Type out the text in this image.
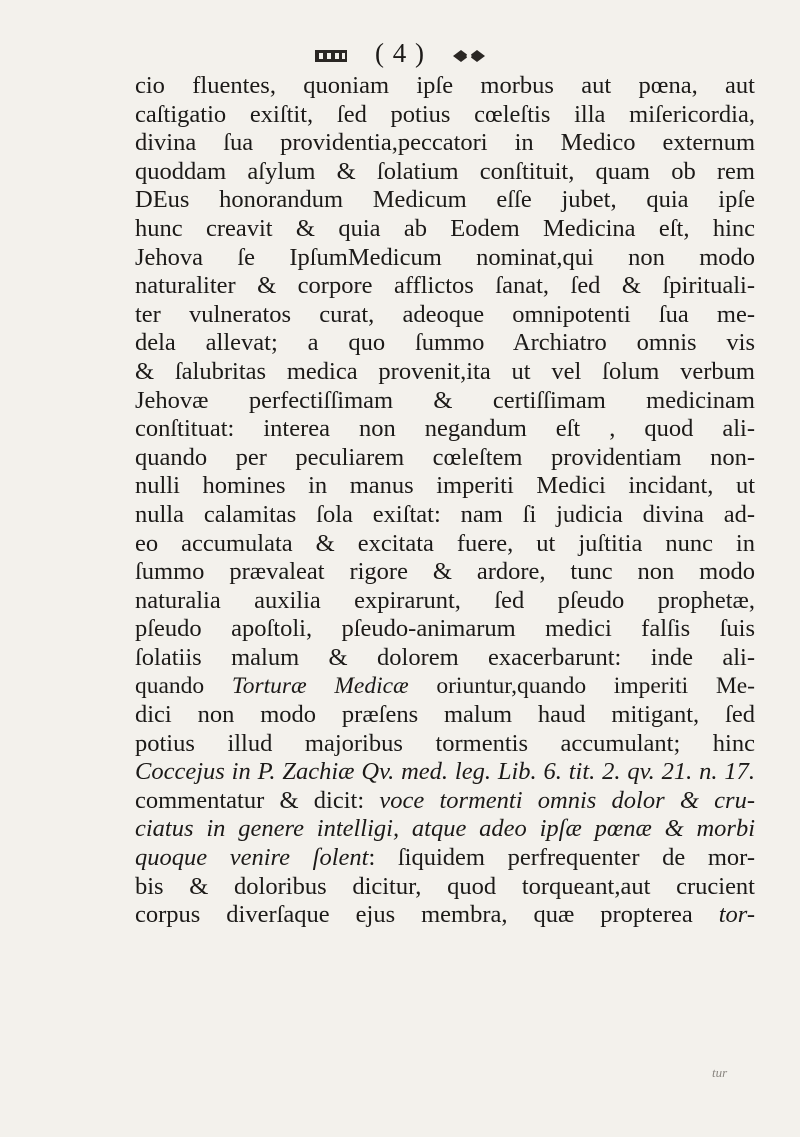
( 4 )
cio fluentes, quoniam ipſe morbus aut pœna, aut
caſtigatio exiſtit, ſed potius cœleſtis illa miſericordia,
divina ſua providentia,peccatori in Medico externum
quoddam aſylum & ſolatium conſtituit, quam ob rem
DEus honorandum Medicum eſſe jubet, quia ipſe
hunc creavit & quia ab Eodem Medicina eſt, hinc
Jehova ſe IpſumMedicum nominat,qui non modo
naturaliter & corpore afflictos ſanat, ſed & ſpirituali-
ter vulneratos curat, adeoque omnipotenti ſua me-
dela allevat; a quo ſummo Archiatro omnis vis
& ſalubritas medica provenit,ita ut vel ſolum verbum
Jehovæ perfectiſſimam & certiſſimam medicinam
conſtituat: interea non negandum eſt , quod ali-
quando per peculiarem cœleſtem providentiam non-
nulli homines in manus imperiti Medici incidant, ut
nulla calamitas ſola exiſtat: nam ſi judicia divina ad-
eo accumulata & excitata fuere, ut juſtitia nunc in
ſummo prævaleat rigore & ardore, tunc non modo
naturalia auxilia expirarunt, ſed pſeudo prophetæ,
pſeudo apoſtoli, pſeudo-animarum medici falſis ſuis
ſolatiis malum & dolorem exacerbarunt: inde ali-
quando Torturæ Medicæ oriuntur,quando imperiti Me-
dici non modo præſens malum haud mitigant, ſed
potius illud majoribus tormentis accumulant; hinc
Coccejus in P. Zachiæ Qv. med. leg. Lib. 6. tit. 2. qv. 21. n. 17.
commentatur & dicit: voce tormenti omnis dolor & cru-
ciatus in genere intelligi, atque adeo ipſæ pœnæ & morbi
quoque venire ſolent: ſiquidem perfrequenter de mor-
bis & doloribus dicitur, quod torqueant,aut crucient
corpus diverſaque ejus membra, quæ propterea tor-
tur
